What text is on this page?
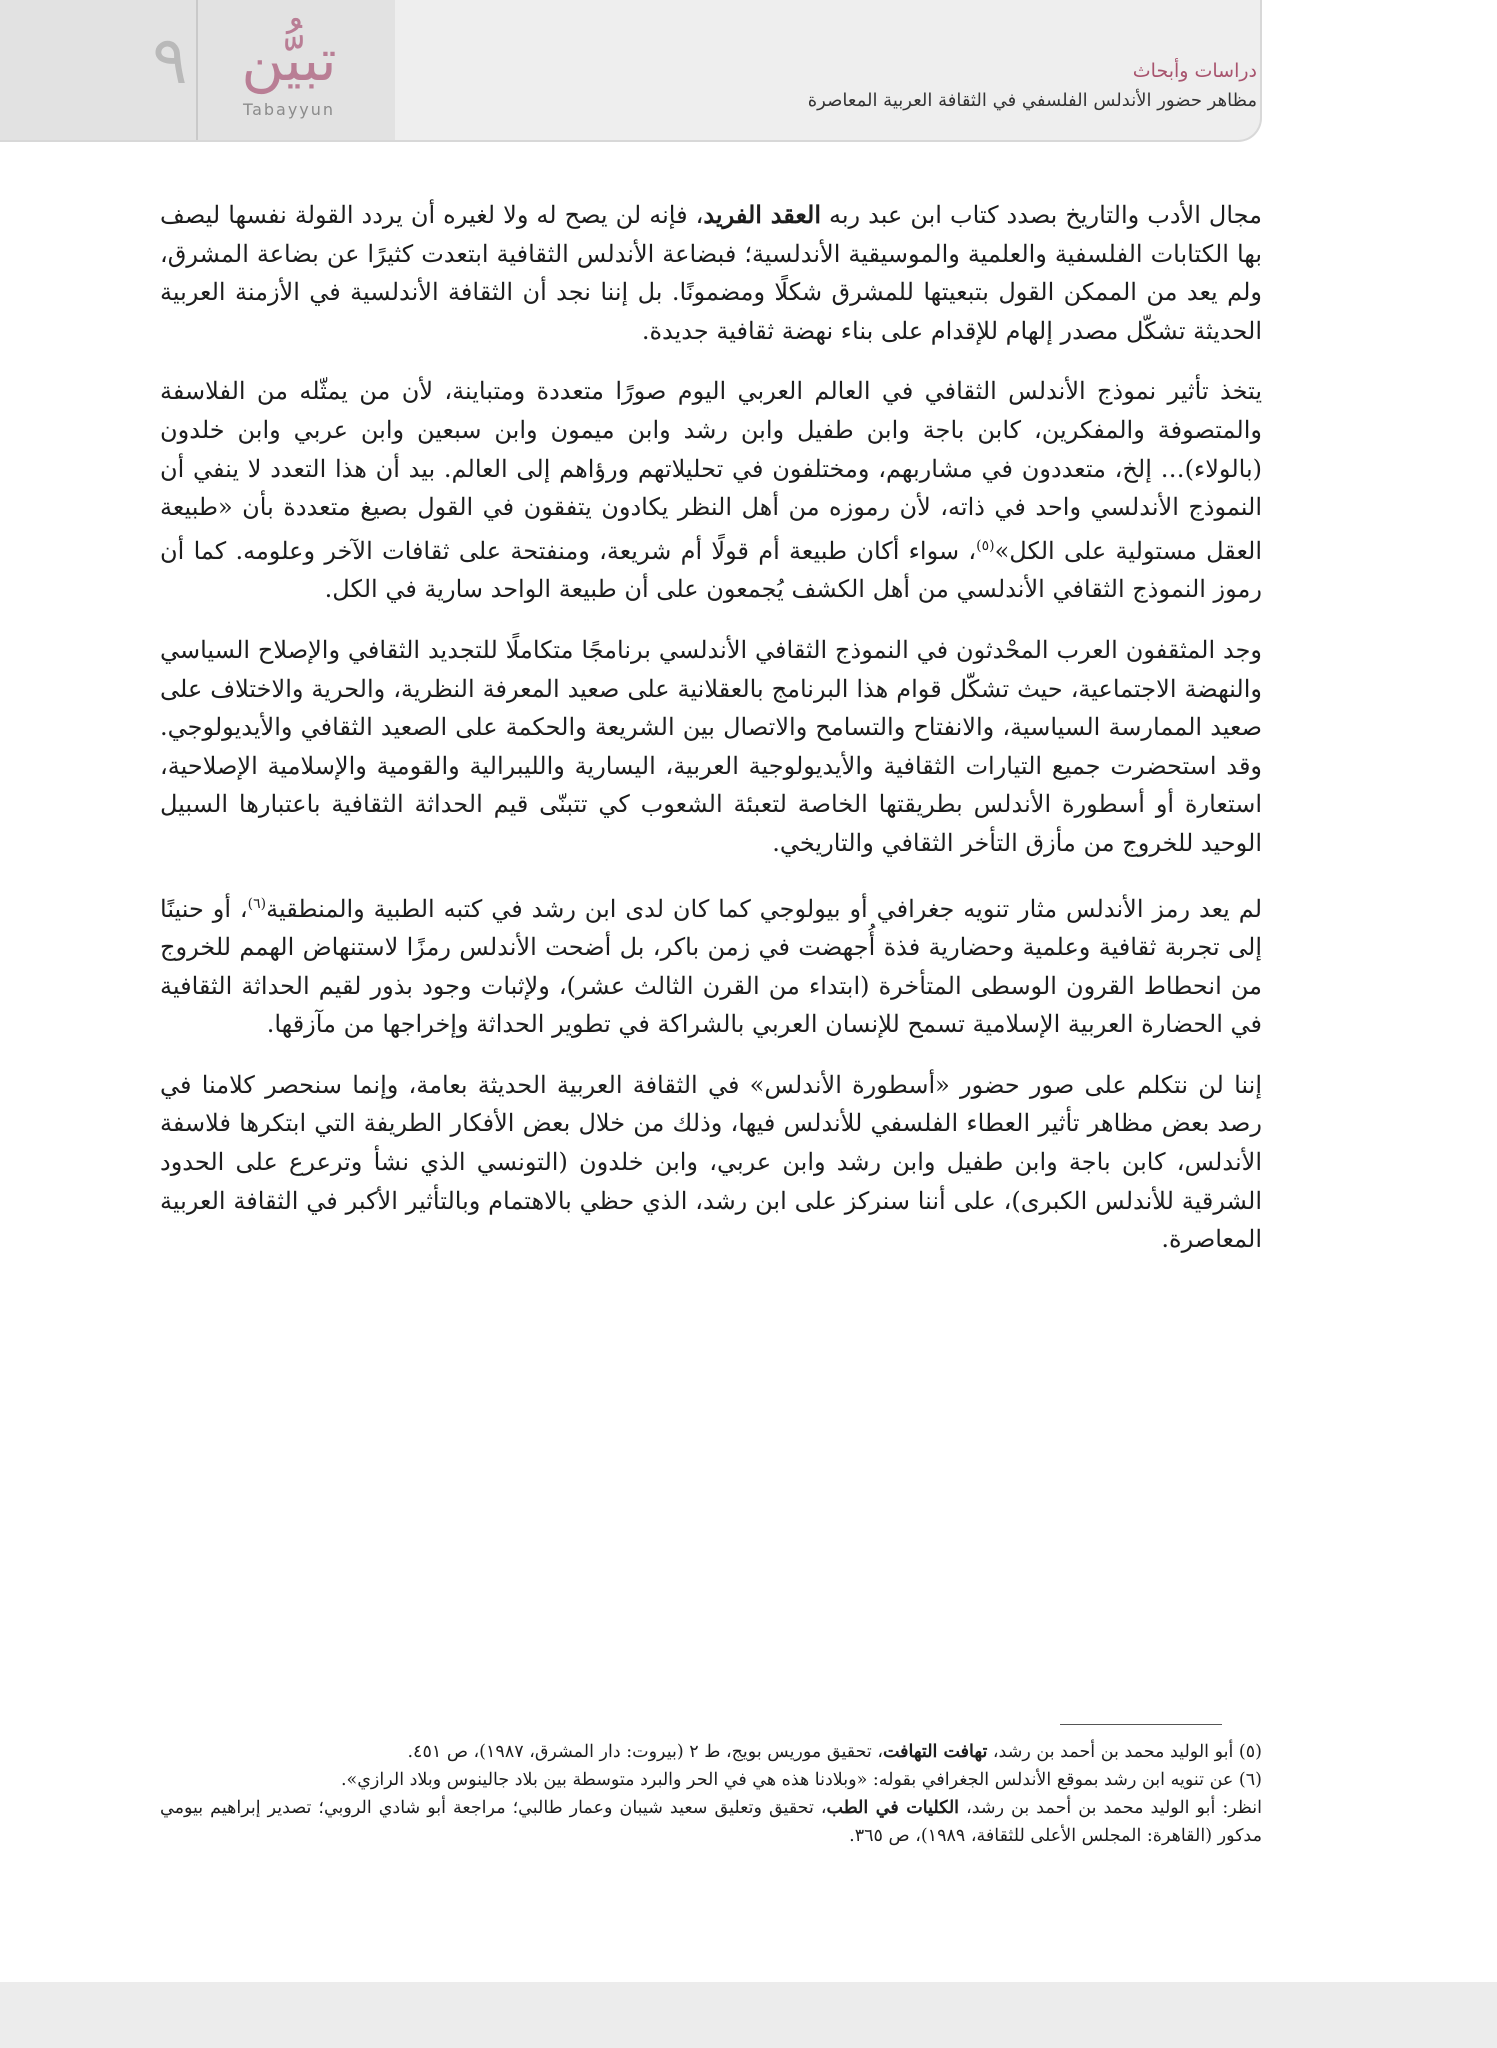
٩ تبيُّن
Tabayyun
دراسات وأبحاث
مظاهر حضور الأندلس الفلسفي في الثقافة العربية المعاصرة

مجال الأدب والتاريخ بصدد كتاب ابن عبد ربه العقد الفريد، فإنه لن يصح له ولا لغيره أن يردد القولة نفسها ليصف بها الكتابات الفلسفية والعلمية والموسيقية الأندلسية؛ فبضاعة الأندلس الثقافية ابتعدت كثيرًا عن بضاعة المشرق، ولم يعد من الممكن القول بتبعيتها للمشرق شكلًا ومضمونًا. بل إننا نجد أن الثقافة الأندلسية في الأزمنة العربية الحديثة تشكّل مصدر إلهام للإقدام على بناء نهضة ثقافية جديدة.

يتخذ تأثير نموذج الأندلس الثقافي في العالم العربي اليوم صورًا متعددة ومتباينة، لأن من يمثّله من الفلاسفة والمتصوفة والمفكرين، كابن باجة وابن طفيل وابن رشد وابن ميمون وابن سبعين وابن عربي وابن خلدون (بالولاء)… إلخ، متعددون في مشاربهم، ومختلفون في تحليلاتهم ورؤاهم إلى العالم. بيد أن هذا التعدد لا ينفي أن النموذج الأندلسي واحد في ذاته، لأن رموزه من أهل النظر يكادون يتفقون في القول بصيغ متعددة بأن «طبيعة العقل مستولية على الكل»$^{(٥)}$، سواء أكان طبيعة أم قولًا أم شريعة، ومنفتحة على ثقافات الآخر وعلومه. كما أن رموز النموذج الثقافي الأندلسي من أهل الكشف يُجمعون على أن طبيعة الواحد سارية في الكل.

وجد المثقفون العرب المحْدثون في النموذج الثقافي الأندلسي برنامجًا متكاملًا للتجديد الثقافي والإصلاح السياسي والنهضة الاجتماعية، حيث تشكّل قوام هذا البرنامج بالعقلانية على صعيد المعرفة النظرية، والحرية والاختلاف على صعيد الممارسة السياسية، والانفتاح والتسامح والاتصال بين الشريعة والحكمة على الصعيد الثقافي والأيديولوجي. وقد استحضرت جميع التيارات الثقافية والأيديولوجية العربية، اليسارية والليبرالية والقومية والإسلامية الإصلاحية، استعارة أو أسطورة الأندلس بطريقتها الخاصة لتعبئة الشعوب كي تتبنّى قيم الحداثة الثقافية باعتبارها السبيل الوحيد للخروج من مأزق التأخر الثقافي والتاريخي.

لم يعد رمز الأندلس مثار تنويه جغرافي أو بيولوجي كما كان لدى ابن رشد في كتبه الطبية والمنطقية$^{(٦)}$، أو حنينًا إلى تجربة ثقافية وعلمية وحضارية فذة أُجهضت في زمن باكر، بل أضحت الأندلس رمزًا لاستنهاض الهمم للخروج من انحطاط القرون الوسطى المتأخرة (ابتداء من القرن الثالث عشر)، ولإثبات وجود بذور لقيم الحداثة الثقافية في الحضارة العربية الإسلامية تسمح للإنسان العربي بالشراكة في تطوير الحداثة وإخراجها من مآزقها.

إننا لن نتكلم على صور حضور «أسطورة الأندلس» في الثقافة العربية الحديثة بعامة، وإنما سنحصر كلامنا في رصد بعض مظاهر تأثير العطاء الفلسفي للأندلس فيها، وذلك من خلال بعض الأفكار الطريفة التي ابتكرها فلاسفة الأندلس، كابن باجة وابن طفيل وابن رشد وابن عربي، وابن خلدون (التونسي الذي نشأ وترعرع على الحدود الشرقية للأندلس الكبرى)، على أننا سنركز على ابن رشد، الذي حظي بالاهتمام وبالتأثير الأكبر في الثقافة العربية المعاصرة.

(٥) أبو الوليد محمد بن أحمد بن رشد، تهافت التهافت، تحقيق موريس بويج، ط ٢ (بيروت: دار المشرق، ١٩٨٧)، ص ٤٥١.
(٦) عن تنويه ابن رشد بموقع الأندلس الجغرافي بقوله: «وبلادنا هذه هي في الحر والبرد متوسطة بين بلاد جالينوس وبلاد الرازي».
انظر: أبو الوليد محمد بن أحمد بن رشد، الكليات في الطب، تحقيق وتعليق سعيد شيبان وعمار طالبي؛ مراجعة أبو شادي الروبي؛ تصدير إبراهيم بيومي مدكور (القاهرة: المجلس الأعلى للثقافة، ١٩٨٩)، ص ٣٦٥.
